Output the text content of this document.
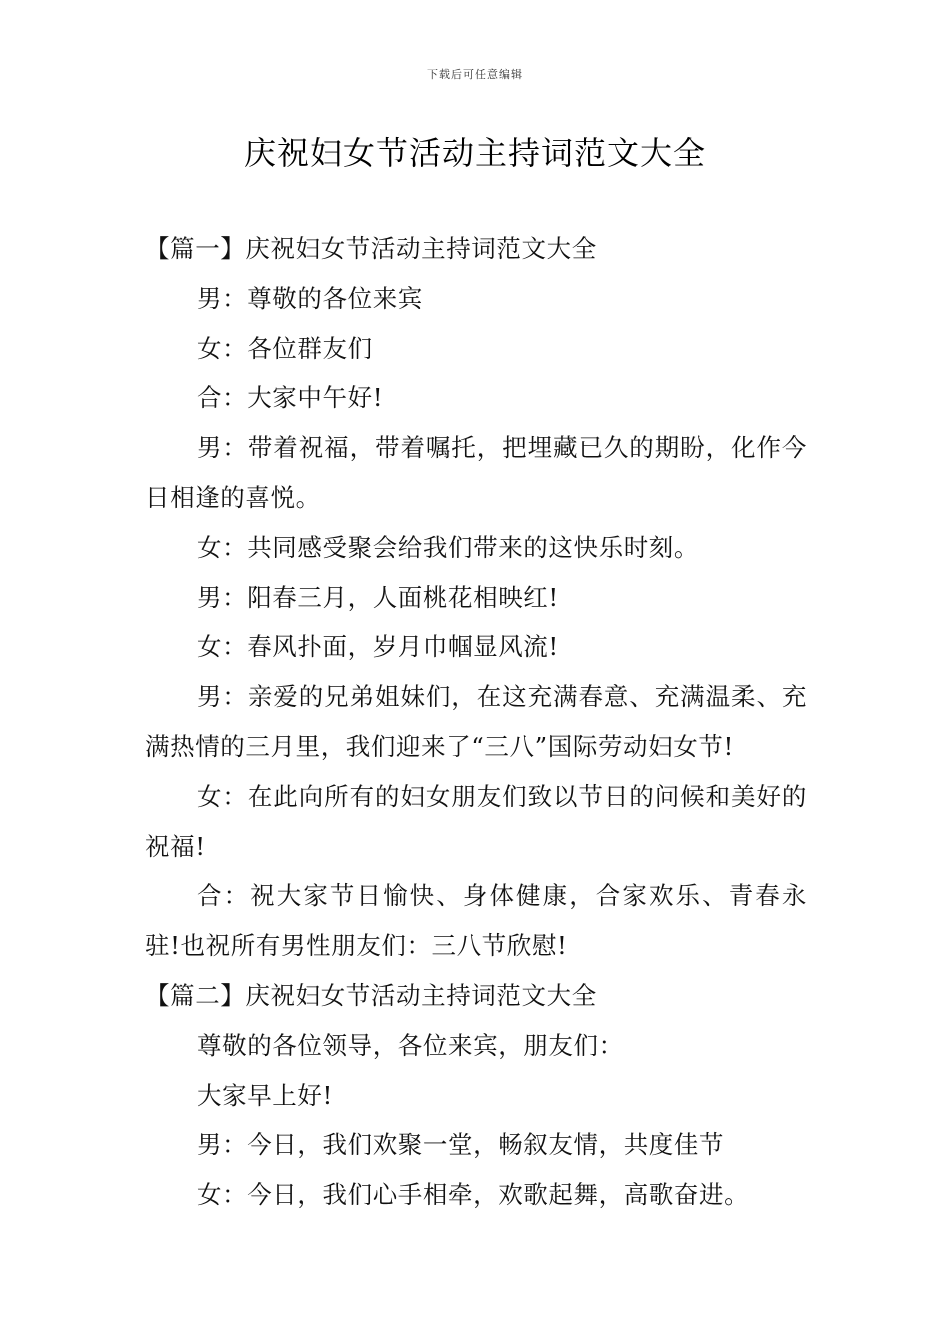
下载后可任意编辑
庆祝妇女节活动主持词范文大全

【篇一】庆祝妇女节活动主持词范文大全

男：尊敬的各位来宾

女：各位群友们

合：大家中午好!

男：带着祝福，带着嘱托，把埋藏已久的期盼，化作今日相逢的喜悦。

女：共同感受聚会给我们带来的这快乐时刻。

男：阳春三月，人面桃花相映红!

女：春风扑面，岁月巾帼显风流!

男：亲爱的兄弟姐妹们，在这充满春意、充满温柔、充满热情的三月里，我们迎来了“三八”国际劳动妇女节!

女：在此向所有的妇女朋友们致以节日的问候和美好的祝福!

合：祝大家节日愉快、身体健康，合家欢乐、青春永驻!也祝所有男性朋友们：三八节欣慰!

【篇二】庆祝妇女节活动主持词范文大全

尊敬的各位领导，各位来宾，朋友们：

大家早上好!

男：今日，我们欢聚一堂，畅叙友情，共度佳节

女：今日，我们心手相牵，欢歌起舞，高歌奋进。
